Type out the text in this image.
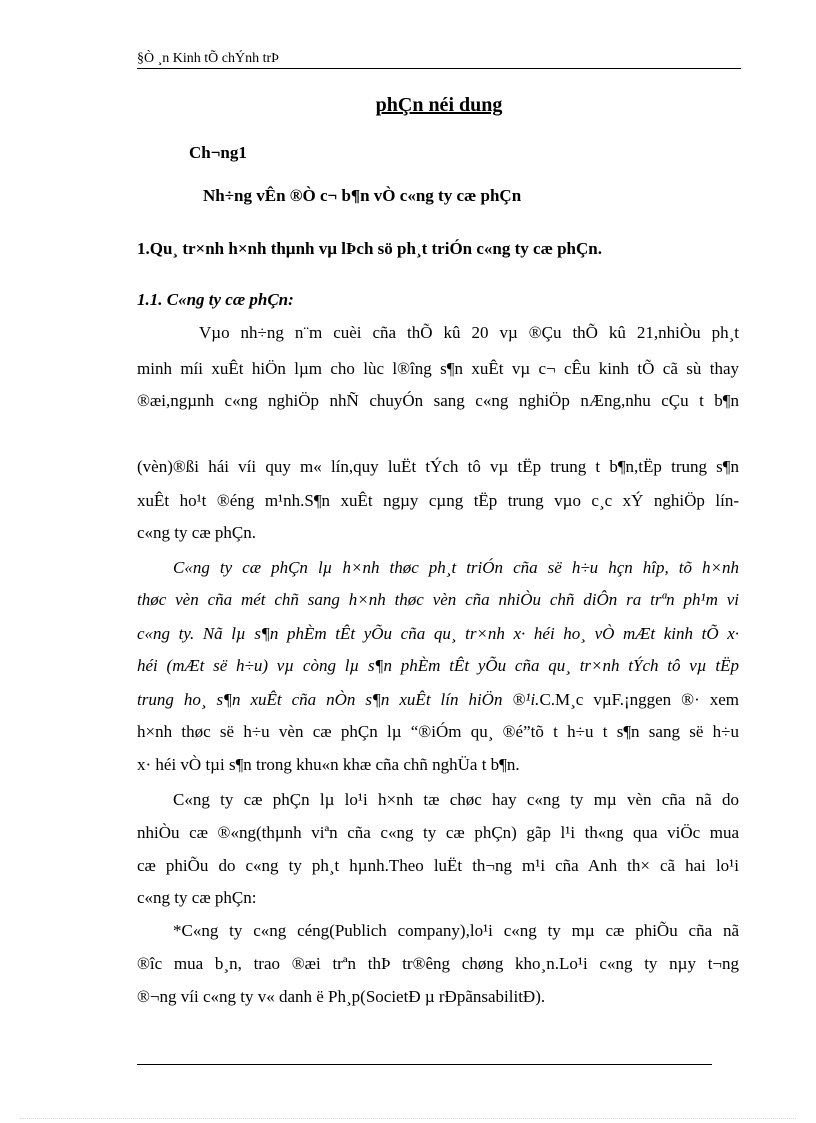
§Ò ¸n Kinh tÕ chÝnh trÞ
phÇn néi dung
Ch¬ng1
Nh÷ng vÊn ®Ò c¬ b¶n vÒ c«ng ty cæ phÇn
1.Qu¸ tr×nh h×nh thµnh vµ lÞch sö ph¸t triÓn c«ng ty cæ phÇn.
1.1. C«ng ty cæ phÇn:
Vµo nh÷ng n¨m cuèi cña thÕ kû 20 vµ ®Çu thÕ kû 21,nhiÒu ph¸t
minh míi xuÊt hiÖn lµm cho lùc l®îng s¶n xuÊt vµ c¬ cÊu kinh tÕ cã sù thay
®æi,ngµnh c«ng nghiÖp nhÑ chuyÓn sang c«ng nghiÖp nÆng,nhu cÇu t b¶n
(vèn)®ßi hái víi quy m« lín,quy luËt tÝch tô vµ tËp trung t b¶n,tËp trung s¶n
xuÊt ho¹t ®éng m¹nh.S¶n xuÊt ngµy cµng tËp trung vµo c¸c xÝ nghiÖp lín-
c«ng ty cæ phÇn.
C«ng ty cæ phÇn lµ h×nh thøc ph¸t triÓn cña së h÷u hçn hîp, tõ h×nh
thøc vèn cña mét chñ sang h×nh thøc vèn cña nhiÒu chñ diÔn ra trªn ph¹m vi
c«ng ty. Nã lµ s¶n phÈm tÊt yÕu cña qu¸ tr×nh x· héi ho¸ vÒ mÆt kinh tÕ x·
héi (mÆt së h÷u) vµ còng lµ s¶n phÈm tÊt yÕu cña qu¸ tr×nh tÝch tô vµ tËp
trung ho¸ s¶n xuÊt cña nÒn s¶n xuÊt lín hiÖn ®¹i.C.M¸c vµF.¡nggen ®· xem
h×nh thøc së h÷u vèn cæ phÇn lµ “®iÓm qu¸ ®é”tõ t h÷u t s¶n sang së h÷u
x· héi vÒ tµi s¶n trong khu«n khæ cña chñ nghÜa t b¶n.
C«ng ty cæ phÇn lµ lo¹i h×nh tæ chøc hay c«ng ty mµ vèn cña nã do
nhiÒu cæ ®«ng(thµnh viªn cña c«ng ty cæ phÇn) gãp l¹i th«ng qua viÖc mua
cæ phiÕu do c«ng ty ph¸t hµnh.Theo luËt th¬ng m¹i cña Anh th× cã hai lo¹i
c«ng ty cæ phÇn:
*C«ng ty c«ng céng(Publich company),lo¹i c«ng ty mµ cæ phiÕu cña nã
®îc mua b¸n, trao ®æi trªn thÞ tr®êng chøng kho¸n.Lo¹i c«ng ty nµy t¬ng
®¬ng víi c«ng ty v« danh ë Ph¸p(SocietÐ µ rÐpãnsabilitÐ).
